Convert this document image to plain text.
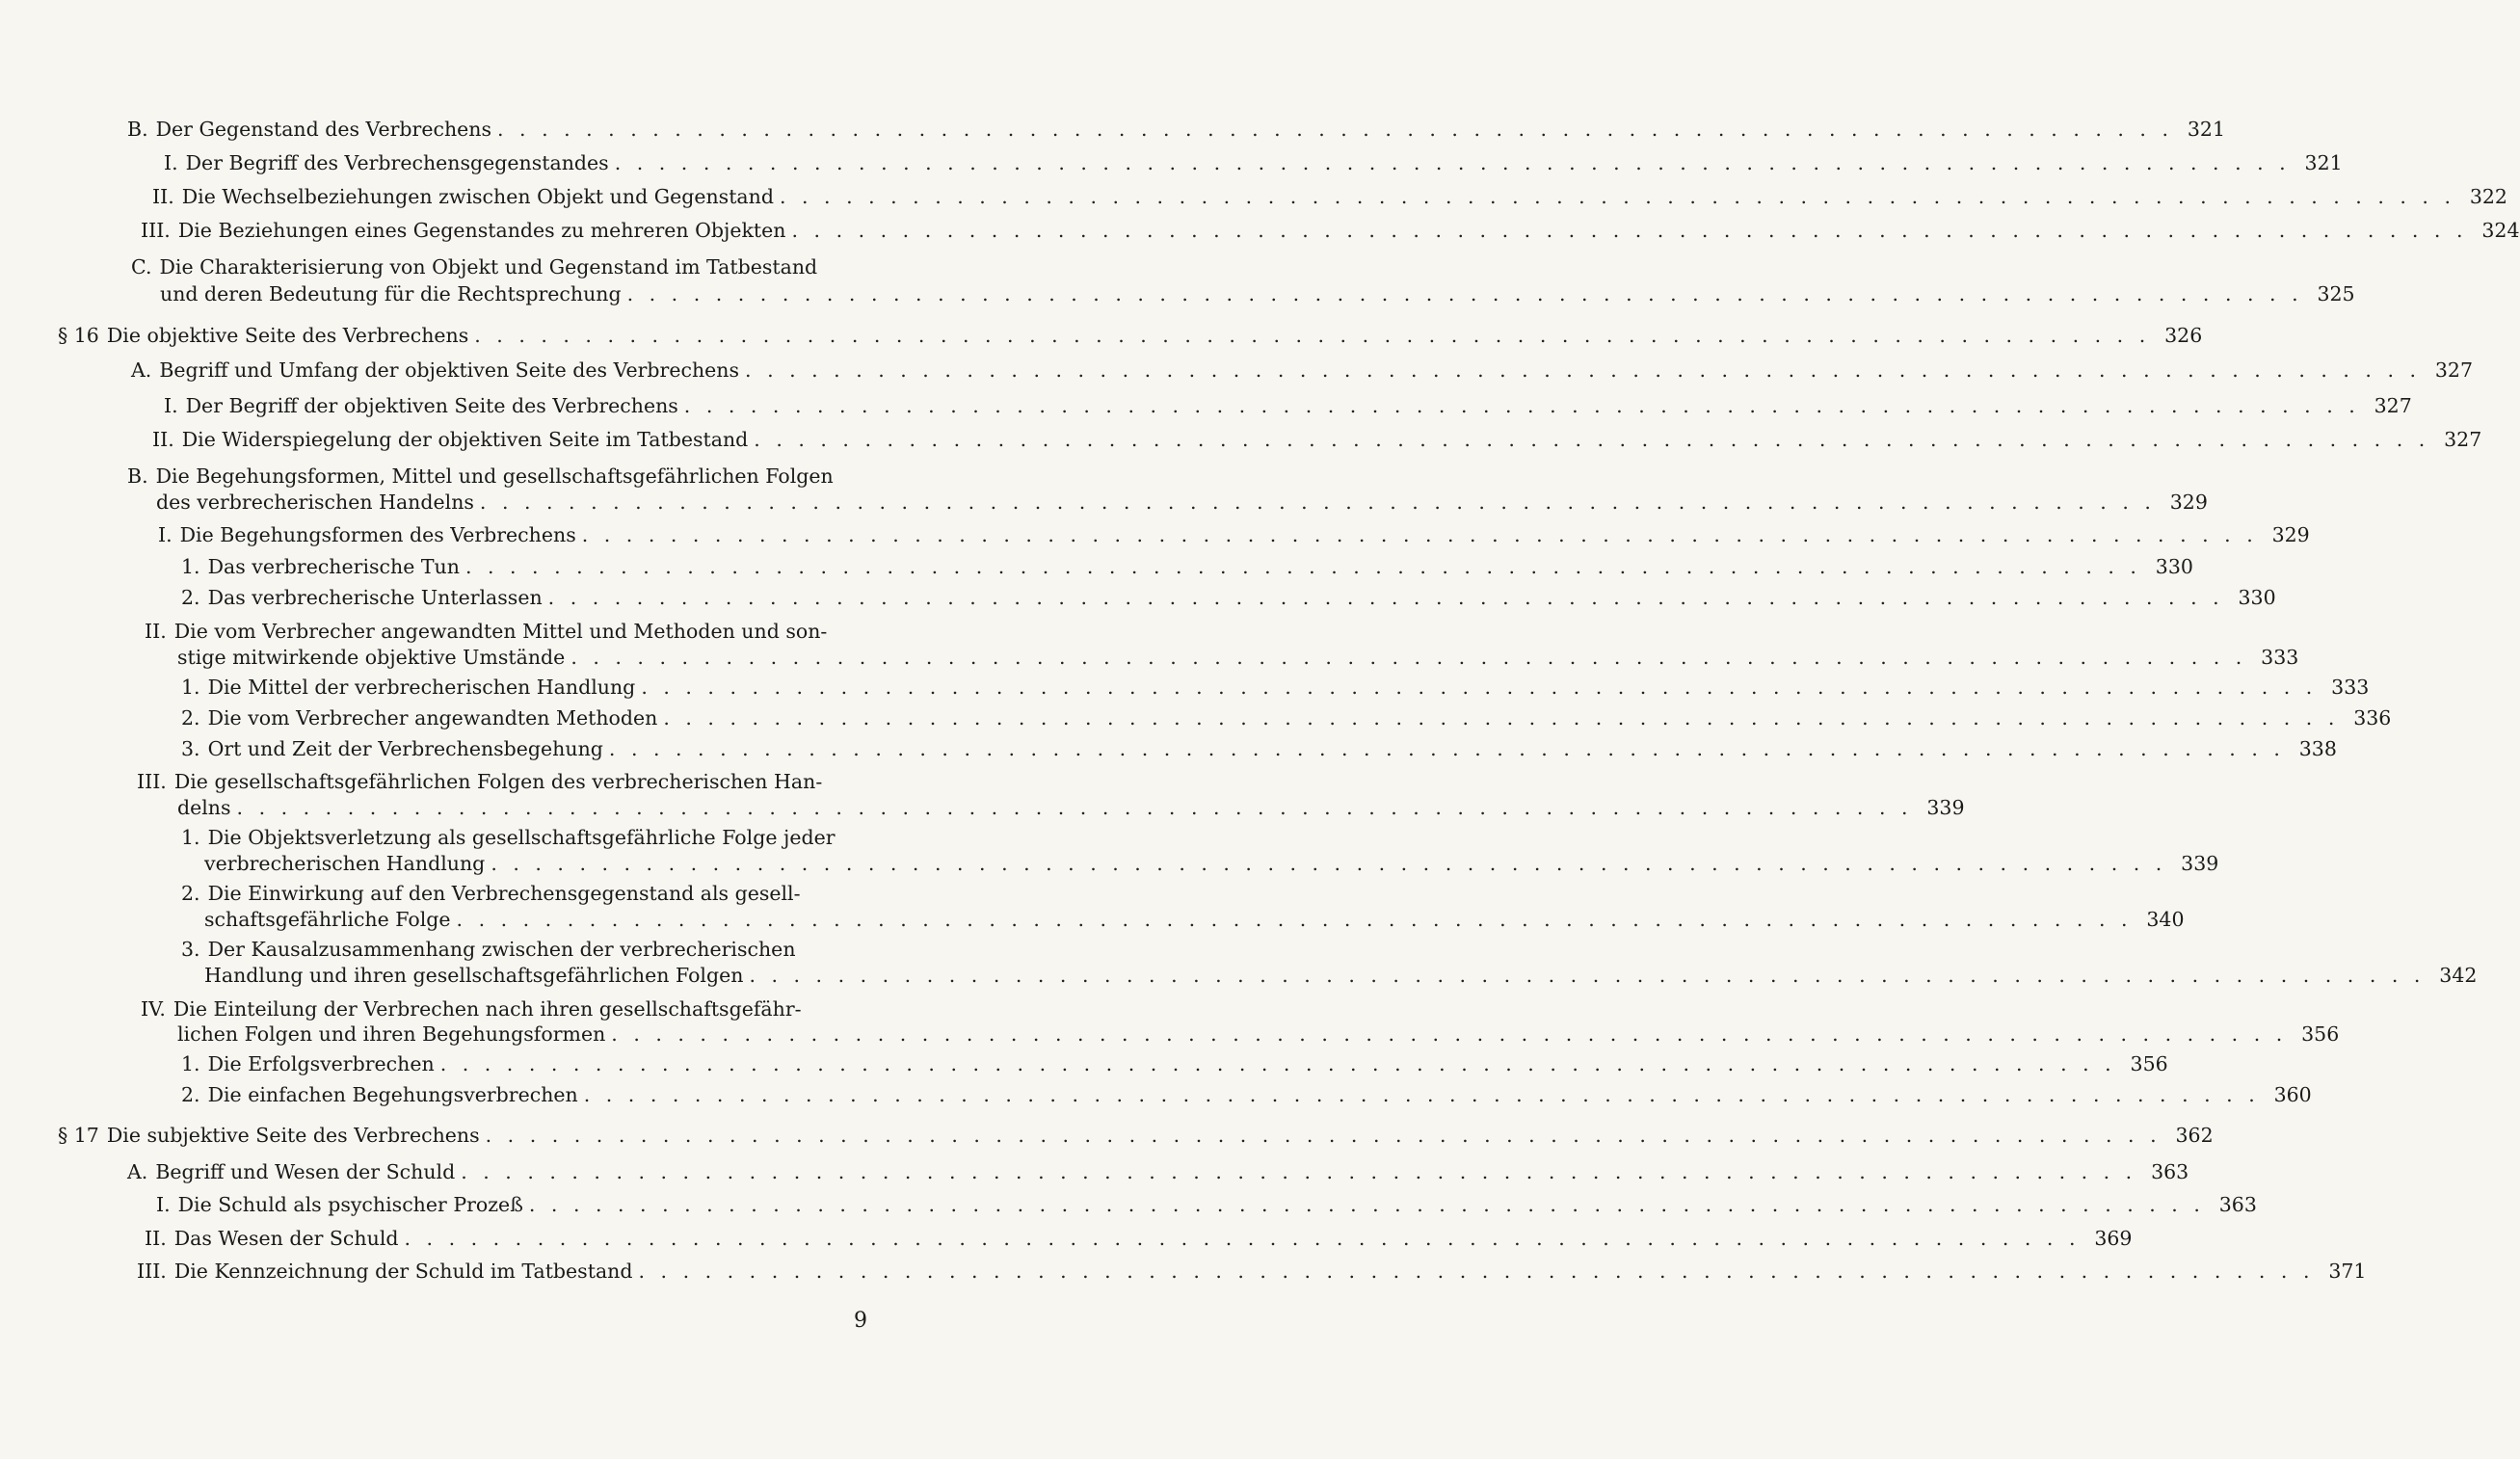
B. Der Gegenstand des Verbrechens . . . . . . . . . . . . . . . . . . . . . . . . . . . . . . . . . . . . . . . . . . . . . . . . . . . . . . . . . . . . . . . . . . . . . . . . . . . . 321
I. Der Begriff des Verbrechensgegenstandes . . . . . . . . . . . . . . . . . . . . . . . . . . . . . . . . . . . . . . . . . . . . . . . . . . . . . . . . . . . . . . . . . . . . . . . . . . . . 321
II. Die Wechselbeziehungen zwischen Objekt und Gegenstand . . . . . . . . . . . . . . . . . . . . . . . . . . . . . . . . . . . . . . . . . . . . . . . . . . . . . . . . . . . . . . . . . . . . . . . . . . . . 322
III. Die Beziehungen eines Gegenstandes zu mehreren Objekten . . . . . . . . . . . . . . . . . . . . . . . . . . . . . . . . . . . . . . . . . . . . . . . . . . . . . . . . . . . . . . . . . . . . . . . . . . . . 324
C. Die Charakterisierung von Objekt und Gegenstand im Tatbestand
und deren Bedeutung für die Rechtsprechung . . . . . . . . . . . . . . . . . . . . . . . . . . . . . . . . . . . . . . . . . . . . . . . . . . . . . . . . . . . . . . . . . . . . . . . . . . . . 325
§ 16 Die objektive Seite des Verbrechens . . . . . . . . . . . . . . . . . . . . . . . . . . . . . . . . . . . . . . . . . . . . . . . . . . . . . . . . . . . . . . . . . . . . . . . . . . . . 326
A. Begriff und Umfang der objektiven Seite des Verbrechens . . . . . . . . . . . . . . . . . . . . . . . . . . . . . . . . . . . . . . . . . . . . . . . . . . . . . . . . . . . . . . . . . . . . . . . . . . . . 327
I. Der Begriff der objektiven Seite des Verbrechens . . . . . . . . . . . . . . . . . . . . . . . . . . . . . . . . . . . . . . . . . . . . . . . . . . . . . . . . . . . . . . . . . . . . . . . . . . . . 327
II. Die Widerspiegelung der objektiven Seite im Tatbestand . . . . . . . . . . . . . . . . . . . . . . . . . . . . . . . . . . . . . . . . . . . . . . . . . . . . . . . . . . . . . . . . . . . . . . . . . . . . 327
B. Die Begehungsformen, Mittel und gesellschaftsgefährlichen Folgen
des verbrecherischen Handelns . . . . . . . . . . . . . . . . . . . . . . . . . . . . . . . . . . . . . . . . . . . . . . . . . . . . . . . . . . . . . . . . . . . . . . . . . . . . 329
I. Die Begehungsformen des Verbrechens . . . . . . . . . . . . . . . . . . . . . . . . . . . . . . . . . . . . . . . . . . . . . . . . . . . . . . . . . . . . . . . . . . . . . . . . . . . . 329
1. Das verbrecherische Tun . . . . . . . . . . . . . . . . . . . . . . . . . . . . . . . . . . . . . . . . . . . . . . . . . . . . . . . . . . . . . . . . . . . . . . . . . . . . 330
2. Das verbrecherische Unterlassen . . . . . . . . . . . . . . . . . . . . . . . . . . . . . . . . . . . . . . . . . . . . . . . . . . . . . . . . . . . . . . . . . . . . . . . . . . . . 330
II. Die vom Verbrecher angewandten Mittel und Methoden und son-
stige mitwirkende objektive Umstände . . . . . . . . . . . . . . . . . . . . . . . . . . . . . . . . . . . . . . . . . . . . . . . . . . . . . . . . . . . . . . . . . . . . . . . . . . . . 333
1. Die Mittel der verbrecherischen Handlung . . . . . . . . . . . . . . . . . . . . . . . . . . . . . . . . . . . . . . . . . . . . . . . . . . . . . . . . . . . . . . . . . . . . . . . . . . . . 333
2. Die vom Verbrecher angewandten Methoden . . . . . . . . . . . . . . . . . . . . . . . . . . . . . . . . . . . . . . . . . . . . . . . . . . . . . . . . . . . . . . . . . . . . . . . . . . . . 336
3. Ort und Zeit der Verbrechensbegehung . . . . . . . . . . . . . . . . . . . . . . . . . . . . . . . . . . . . . . . . . . . . . . . . . . . . . . . . . . . . . . . . . . . . . . . . . . . . 338
III. Die gesellschaftsgefährlichen Folgen des verbrecherischen Han-
delns . . . . . . . . . . . . . . . . . . . . . . . . . . . . . . . . . . . . . . . . . . . . . . . . . . . . . . . . . . . . . . . . . . . . . . . . . . . . 339
1. Die Objektsverletzung als gesellschaftsgefährliche Folge jeder
verbrecherischen Handlung . . . . . . . . . . . . . . . . . . . . . . . . . . . . . . . . . . . . . . . . . . . . . . . . . . . . . . . . . . . . . . . . . . . . . . . . . . . . 339
2. Die Einwirkung auf den Verbrechensgegenstand als gesell-
schaftsgefährliche Folge . . . . . . . . . . . . . . . . . . . . . . . . . . . . . . . . . . . . . . . . . . . . . . . . . . . . . . . . . . . . . . . . . . . . . . . . . . . . 340
3. Der Kausalzusammenhang zwischen der verbrecherischen
Handlung und ihren gesellschaftsgefährlichen Folgen . . . . . . . . . . . . . . . . . . . . . . . . . . . . . . . . . . . . . . . . . . . . . . . . . . . . . . . . . . . . . . . . . . . . . . . . . . . . 342
IV. Die Einteilung der Verbrechen nach ihren gesellschaftsgefähr-
lichen Folgen und ihren Begehungsformen . . . . . . . . . . . . . . . . . . . . . . . . . . . . . . . . . . . . . . . . . . . . . . . . . . . . . . . . . . . . . . . . . . . . . . . . . . . . 356
1. Die Erfolgsverbrechen . . . . . . . . . . . . . . . . . . . . . . . . . . . . . . . . . . . . . . . . . . . . . . . . . . . . . . . . . . . . . . . . . . . . . . . . . . . . 356
2. Die einfachen Begehungsverbrechen . . . . . . . . . . . . . . . . . . . . . . . . . . . . . . . . . . . . . . . . . . . . . . . . . . . . . . . . . . . . . . . . . . . . . . . . . . . . 360
§ 17 Die subjektive Seite des Verbrechens . . . . . . . . . . . . . . . . . . . . . . . . . . . . . . . . . . . . . . . . . . . . . . . . . . . . . . . . . . . . . . . . . . . . . . . . . . . . 362
A. Begriff und Wesen der Schuld . . . . . . . . . . . . . . . . . . . . . . . . . . . . . . . . . . . . . . . . . . . . . . . . . . . . . . . . . . . . . . . . . . . . . . . . . . . . 363
I. Die Schuld als psychischer Prozeß . . . . . . . . . . . . . . . . . . . . . . . . . . . . . . . . . . . . . . . . . . . . . . . . . . . . . . . . . . . . . . . . . . . . . . . . . . . . 363
II. Das Wesen der Schuld . . . . . . . . . . . . . . . . . . . . . . . . . . . . . . . . . . . . . . . . . . . . . . . . . . . . . . . . . . . . . . . . . . . . . . . . . . . . 369
III. Die Kennzeichnung der Schuld im Tatbestand . . . . . . . . . . . . . . . . . . . . . . . . . . . . . . . . . . . . . . . . . . . . . . . . . . . . . . . . . . . . . . . . . . . . . . . . . . . . 371
9
